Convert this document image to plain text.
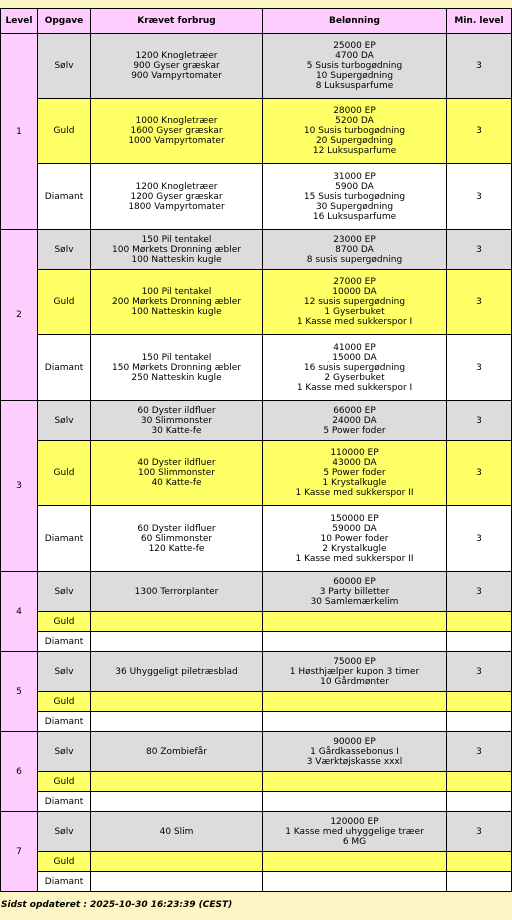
Level	Opgave	Krævet forbrug	Belønning	Min. level
1	Sølv	1200 Knogletræer
900 Gyser græskar
900 Vampyrtomater	25000 EP
4700 DA
5 Susis turbogødning
10 Supergødning
8 Luksusparfume	3
	Guld	1000 Knogletræer
1600 Gyser græskar
1000 Vampyrtomater	28000 EP
5200 DA
10 Susis turbogødning
20 Supergødning
12 Luksusparfume	3
	Diamant	1200 Knogletræer
1200 Gyser græskar
1800 Vampyrtomater	31000 EP
5900 DA
15 Susis turbogødning
30 Supergødning
16 Luksusparfume	3
2	Sølv	150 Pil tentakel
100 Mørkets Dronning æbler
100 Natteskin kugle	23000 EP
8700 DA
8 susis supergødning	3
	Guld	100 Pil tentakel
200 Mørkets Dronning æbler
100 Natteskin kugle	27000 EP
10000 DA
12 susis supergødning
1 Gyserbuket
1 Kasse med sukkerspor I	3
	Diamant	150 Pil tentakel
150 Mørkets Dronning æbler
250 Natteskin kugle	41000 EP
15000 DA
16 susis supergødning
2 Gyserbuket
1 Kasse med sukkerspor I	3
3	Sølv	60 Dyster ildfluer
30 Slimmonster
30 Katte-fe	66000 EP
24000 DA
5 Power foder	3
	Guld	40 Dyster ildfluer
100 Slimmonster
40 Katte-fe	110000 EP
43000 DA
5 Power foder
1 Krystalkugle
1 Kasse med sukkerspor II	3
	Diamant	60 Dyster ildfluer
60 Slimmonster
120 Katte-fe	150000 EP
59000 DA
10 Power foder
2 Krystalkugle
1 Kasse med sukkerspor II	3
4	Sølv	1300 Terrorplanter	60000 EP
3 Party billetter
30 Samlemærkelim	3
	Guld			
	Diamant			
5	Sølv	36 Uhyggeligt piletræsblad	75000 EP
1 Høsthjælper kupon 3 timer
10 Gårdmønter	3
	Guld			
	Diamant			
6	Sølv	80 Zombiefår	90000 EP
1 Gårdkassebonus I
3 Værktøjskasse xxxl	3
	Guld			
	Diamant			
7	Sølv	40 Slim	120000 EP
1 Kasse med uhyggelige træer
6 MG	3
	Guld			
	Diamant			
Sidst opdateret : 2025-10-30 16:23:39 (CEST)
